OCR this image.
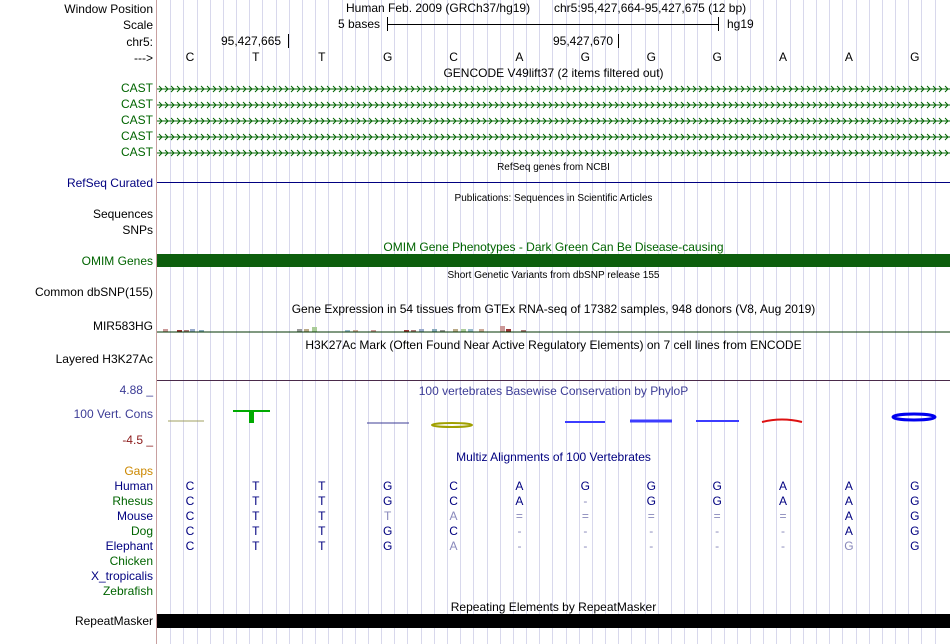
Window Position
Scale
chr5:
--->
Human Feb. 2009 (GRCh37/hg19) chr5:95,427,664-95,427,675 (12 bp)
5 bases	hg19
95,427,665	95,427,670
C	T	T	G	C	A	G	G	G	A	A	G
GENCODE V49lift37 (2 items filtered out)
CAST
CAST
CAST
CAST
CAST
RefSeq genes from NCBI
RefSeq Curated
Publications: Sequences in Scientific Articles
Sequences
SNPs
OMIM Gene Phenotypes - Dark Green Can Be Disease-causing
OMIM Genes
Short Genetic Variants from dbSNP release 155
Common dbSNP(155)
Gene Expression in 54 tissues from GTEx RNA-seq of 17382 samples, 948 donors (V8, Aug 2019)
MIR583HG
H3K27Ac Mark (Often Found Near Active Regulatory Elements) on 7 cell lines from ENCODE
Layered H3K27Ac
100 vertebrates Basewise Conservation by PhyloP
4.88 _
100 Vert. Cons
-4.5 _
Multiz Alignments of 100 Vertebrates
Gaps
Human	C	T	T	G	C	A	G	G	G	A	A	G
Rhesus	C	T	T	G	C	A	-	G	G	A	A	G
Mouse	C	T	T	T	A	=	=	=	=	=	A	G
Dog	C	T	T	G	C	-	-	-	-	-	A	G
Elephant	C	T	T	G	A	-	-	-	-	-	G	G
Chicken
X_tropicalis
Zebrafish
Repeating Elements by RepeatMasker
RepeatMasker
